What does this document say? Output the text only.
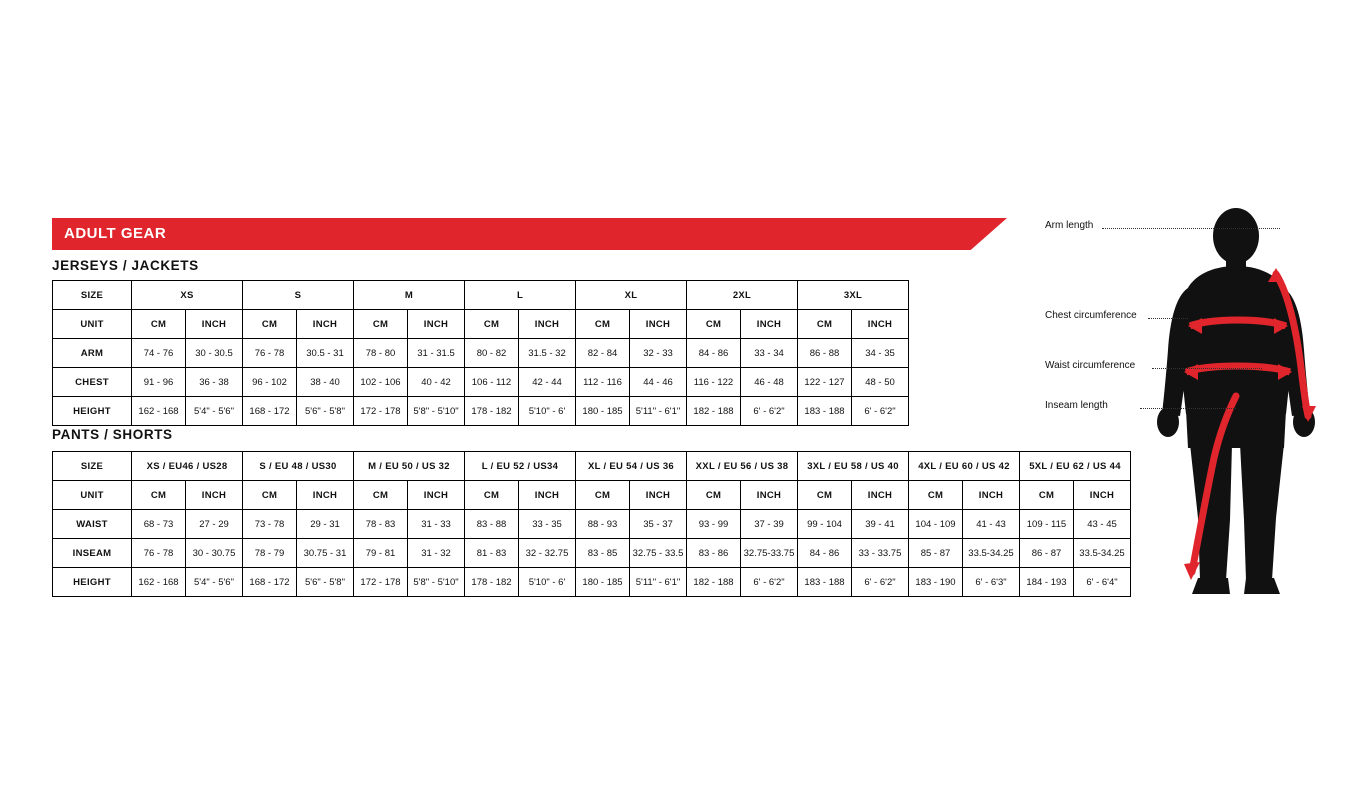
ADULT GEAR
JERSEYS / JACKETS
SIZE	XS		S		M		L		XL		2XL		3XL	
UNIT	CM	INCH	CM	INCH	CM	INCH	CM	INCH	CM	INCH	CM	INCH	CM	INCH
ARM	74 - 76	30 - 30.5	76 - 78	30.5 - 31	78 - 80	31 - 31.5	80 - 82	31.5 - 32	82 - 84	32 - 33	84 - 86	33 - 34	86 - 88	34 - 35
CHEST	91 - 96	36 - 38	96 - 102	38 - 40	102 - 106	40 - 42	106 - 112	42 - 44	112 - 116	44 - 46	116 - 122	46 - 48	122 - 127	48 - 50
HEIGHT	162 - 168	5'4" - 5'6"	168 - 172	5'6" - 5'8"	172 - 178	5'8" - 5'10"	178 - 182	5'10" - 6'	180 - 185	5'11" - 6'1"	182 - 188	6' - 6'2"	183 - 188	6' - 6'2"
PANTS / SHORTS
SIZE	XS / EU46 / US28		S / EU 48 / US30		M / EU 50 / US 32		L / EU 52 / US34		XL / EU 54 / US 36		XXL / EU 56 / US 38		3XL / EU 58 / US 40		4XL / EU 60 / US 42		5XL / EU 62 / US 44	
UNIT	CM	INCH	CM	INCH	CM	INCH	CM	INCH	CM	INCH	CM	INCH	CM	INCH	CM	INCH	CM	INCH
WAIST	68 - 73	27 - 29	73 - 78	29 - 31	78 - 83	31 - 33	83 - 88	33 - 35	88 - 93	35 - 37	93 - 99	37 - 39	99 - 104	39 - 41	104 - 109	41 - 43	109 - 115	43 - 45
INSEAM	76 - 78	30 - 30.75	78 - 79	30.75 - 31	79 - 81	31 - 32	81 - 83	32 - 32.75	83 - 85	32.75 - 33.5	83 - 86	32.75-33.75	84 - 86	33 - 33.75	85 - 87	33.5-34.25	86 - 87	33.5-34.25
HEIGHT	162 - 168	5'4" - 5'6"	168 - 172	5'6" - 5'8"	172 - 178	5'8" - 5'10"	178 - 182	5'10" - 6'	180 - 185	5'11" - 6'1"	182 - 188	6' - 6'2"	183 - 188	6' - 6'2"	183 - 190	6' - 6'3"	184 - 193	6' - 6'4"
Arm length
Chest circumference
Waist circumference
Inseam length
